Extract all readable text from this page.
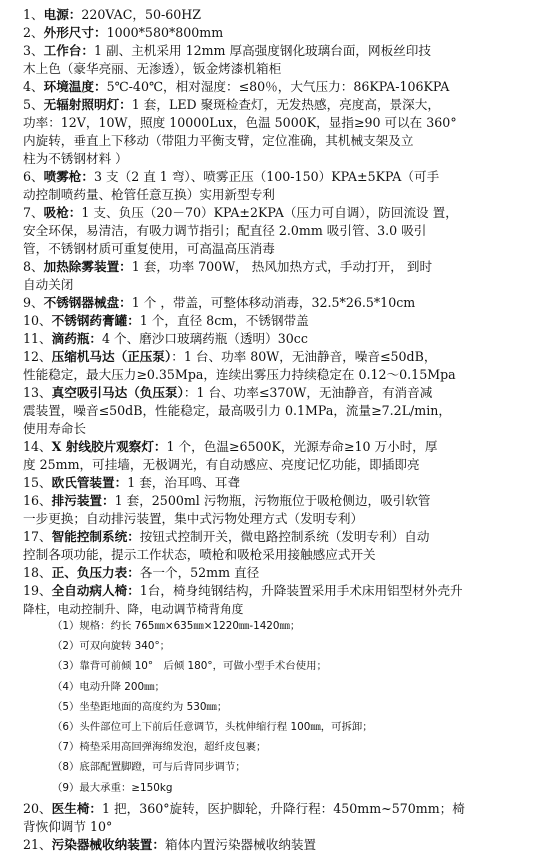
1、电源：220VAC，50-60HZ
2、外形尺寸：1000*580*800mm
3、工作台：1 副、主机采用 12mm 厚高强度钢化玻璃台面，网板丝印技
木上色（豪华亮丽、无渗透），钣金烤漆机箱柜
4、环境温度：5℃-40℃，相对湿度：≤80％，大气压力：86KPA-106KPA
5、无辐射照明灯：1 套，LED 聚斑检查灯，无发热感，亮度高，景深大，
功率：12V，10W，照度 10000Lux，色温 5000K，显指≥90 可以在 360°
内旋转，垂直上下移动（带阻力平衡支臂，定位准确，其机械支架及立
柱为不锈钢材料 ）
6、喷雾枪：3 支（2 直 1 弯）、喷雾正压（100-150）KPA±5KPA（可手
动控制喷药量、枪管任意互换）实用新型专利
7、吸枪：1 支、负压（20－70）KPA±2KPA（压力可自调），防回流设 置，
安全环保，易清洁，有吸力调节指引；配直径 2.0mm 吸引管、3.0 吸引
管，不锈钢材质可重复使用，可高温高压消毒
8、加热除雾装置：1 套，功率 700W， 热风加热方式，手动打开， 到时
自动关闭
9、不锈钢器械盘：1 个 ，带盖，可整体移动消毒，32.5*26.5*10cm
10、不锈钢药膏罐：1 个，直径 8cm，不锈钢带盖
11、滴药瓶：4 个、磨沙口玻璃药瓶（透明）30cc
12、压缩机马达（正压泵）：1 台、功率 80W，无油静音，噪音≤50dB，
性能稳定，最大压力≥0.35Mpa，连续出雾压力持续稳定在 0.12～0.15Mpa
13、真空吸引马达（负压泵）：1 台、功率≤370W，无油静音，有消音减
震装置，噪音≤50dB，性能稳定，最高吸引力 0.1MPa，流量≥7.2L/min，
使用寿命长
14、X 射线胶片观察灯：1 个，色温≥6500K，光源寿命≥10 万小时，厚
度 25mm，可挂墙，无极调光，有自动感应、亮度记忆功能，即插即亮
15、欧氏管装置：1 套，治耳鸣、耳聋
16、排污装置：1 套，2500ml 污物瓶，污物瓶位于吸枪侧边，吸引软管
一步更换；自动排污装置，集中式污物处理方式（发明专利）
17、智能控制系统：按钮式控制开关，微电路控制系统（发明专利）自动
控制各项功能，提示工作状态，喷枪和吸枪采用接触感应式开关
18、正、负压力表：各一个，52mm 直径
19、全自动病人椅：1台，椅身纯钢结构，升降装置采用手术床用铝型材外壳升
降柱，电动控制升、降，电动调节椅背角度
（1）规格：约长 765㎜×635㎜×1220㎜-1420㎜；
（2）可双向旋转 340°；
（3）靠背可前倾 10°　后倾 180°，可做小型手术台使用；
（4）电动升降 200㎜；
（5）坐垫距地面的高度约为 530㎜；
（6）头件部位可上下前后任意调节，头枕伸缩行程 100㎜，可拆卸；
（7）椅垫采用高回弹海绵发泡，超纤皮包裹；
（8）底部配置脚蹬，可与后背同步调节；
（9）最大承重：≥150kg
20、医生椅：1 把，360°旋转，医护脚轮，升降行程：450mm~570mm；椅
背恢仰调节 10°
21、污染器械收纳装置：箱体内置污染器械收纳装置
